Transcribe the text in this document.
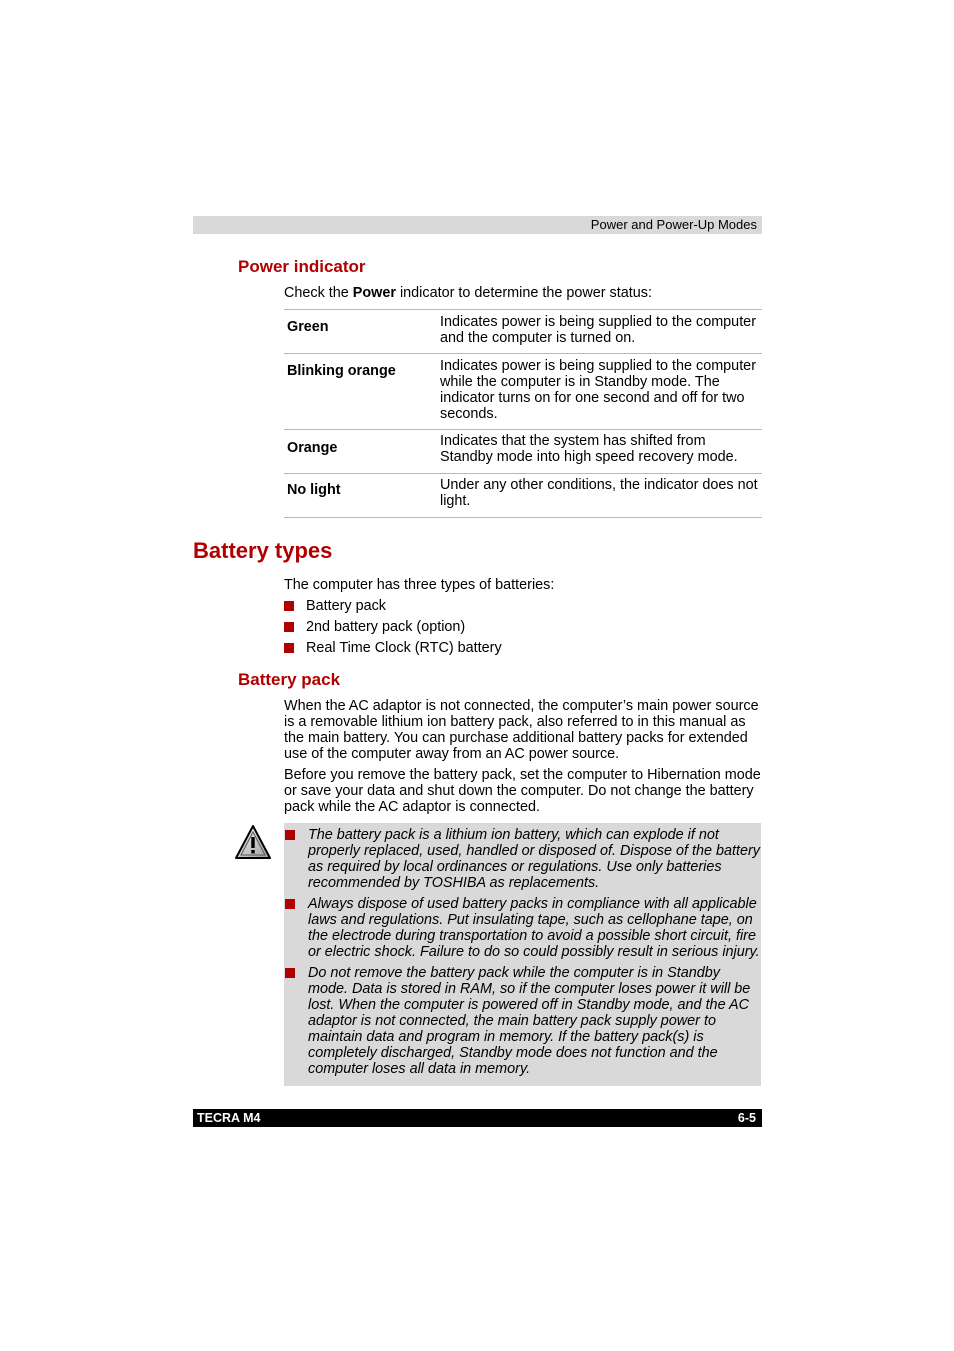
Power and Power-Up Modes
Power indicator

Check the Power indicator to determine the power status:

Green	Indicates power is being supplied to the computer and the computer is turned on.

Blinking orange	Indicates power is being supplied to the computer while the computer is in Standby mode. The indicator turns on for one second and off for two seconds.

Orange	Indicates that the system has shifted from Standby mode into high speed recovery mode.

No light	Under any other conditions, the indicator does not light.
Battery types

The computer has three types of batteries:

Battery pack
2nd battery pack (option)
Real Time Clock (RTC) battery
Battery pack

When the AC adaptor is not connected, the computer’s main power source is a removable lithium ion battery pack, also referred to in this manual as the main battery. You can purchase additional battery packs for extended use of the computer away from an AC power source.

Before you remove the battery pack, set the computer to Hibernation mode or save your data and shut down the computer. Do not change the battery pack while the AC adaptor is connected.

The battery pack is a lithium ion battery, which can explode if not properly replaced, used, handled or disposed of. Dispose of the battery as required by local ordinances or regulations. Use only batteries recommended by TOSHIBA as replacements.
Always dispose of used battery packs in compliance with all applicable laws and regulations. Put insulating tape, such as cellophane tape, on the electrode during transportation to avoid a possible short circuit, fire or electric shock. Failure to do so could possibly result in serious injury.
Do not remove the battery pack while the computer is in Standby mode. Data is stored in RAM, so if the computer loses power it will be lost. When the computer is powered off in Standby mode, and the AC adaptor is not connected, the main battery pack supply power to maintain data and program in memory. If the battery pack(s) is completely discharged, Standby mode does not function and the computer loses all data in memory.
TECRA M4	6-5
